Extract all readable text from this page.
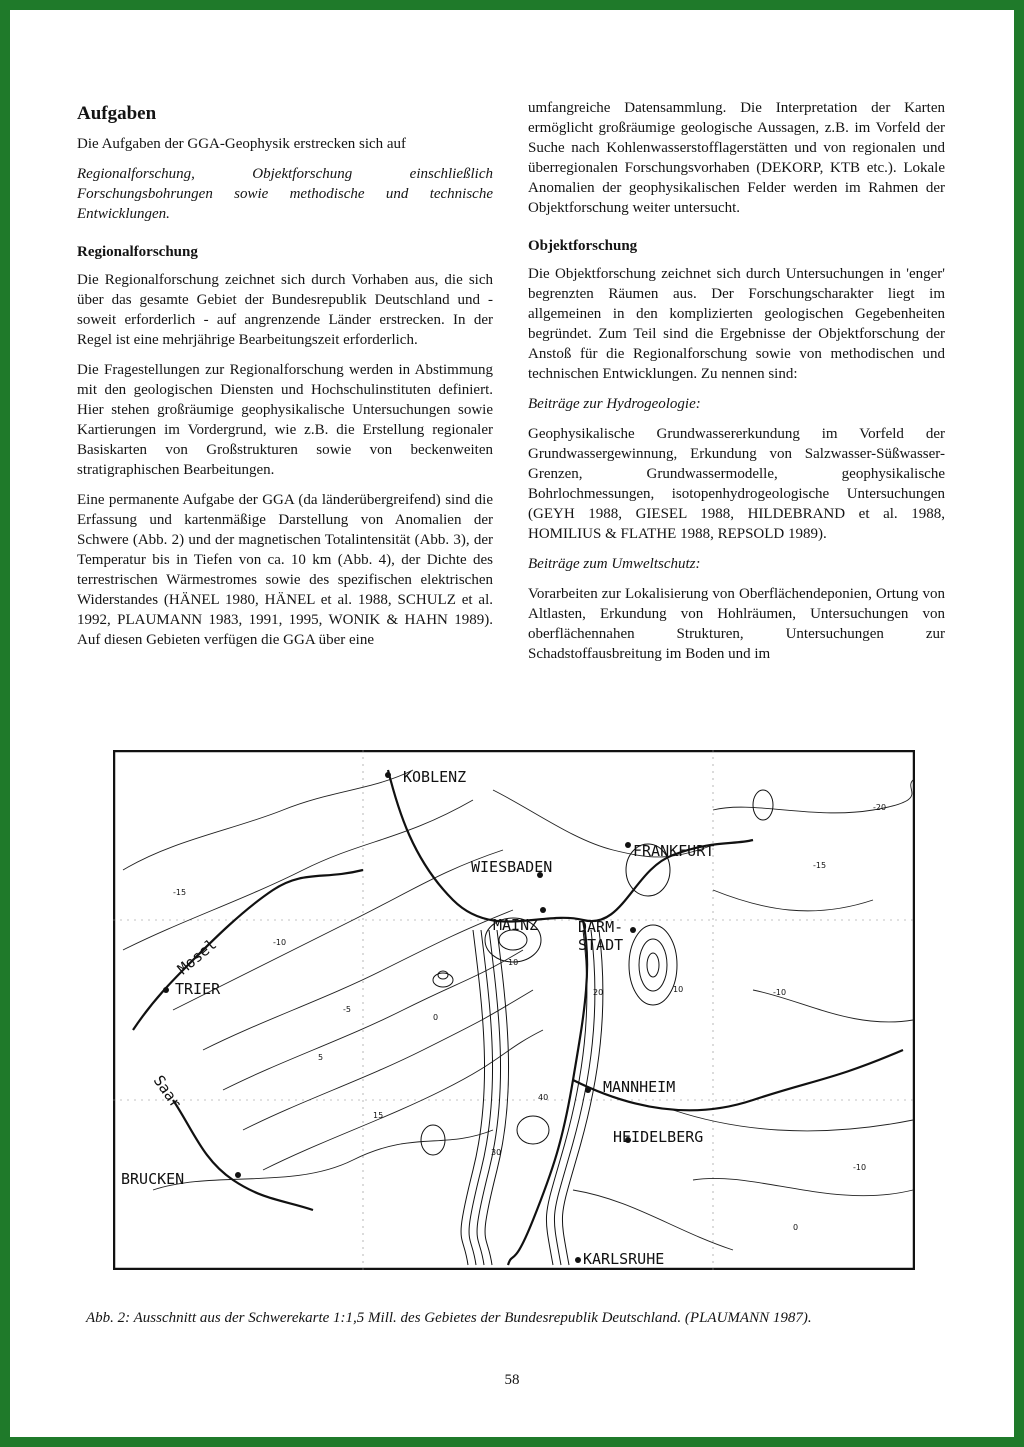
Aufgaben

Die Aufgaben der GGA-Geophysik erstrecken sich auf

Regionalforschung, Objektforschung einschließlich Forschungsbohrungen sowie methodische und technische Entwicklungen.

Regionalforschung

Die Regionalforschung zeichnet sich durch Vorhaben aus, die sich über das gesamte Gebiet der Bundesrepublik Deutschland und - soweit erforderlich - auf angrenzende Länder erstrecken. In der Regel ist eine mehrjährige Bearbeitungszeit erforderlich.

Die Fragestellungen zur Regionalforschung werden in Abstimmung mit den geologischen Diensten und Hochschulinstituten definiert. Hier stehen großräumige geophysikalische Untersuchungen sowie Kartierungen im Vordergrund, wie z.B. die Erstellung regionaler Basiskarten von Großstrukturen sowie von beckenweiten stratigraphischen Bearbeitungen.

Eine permanente Aufgabe der GGA (da länderübergreifend) sind die Erfassung und kartenmäßige Darstellung von Anomalien der Schwere (Abb. 2) und der magnetischen Totalintensität (Abb. 3), der Temperatur bis in Tiefen von ca. 10 km (Abb. 4), der Dichte des terrestrischen Wärmestromes sowie des spezifischen elektrischen Widerstandes (HÄNEL 1980, HÄNEL et al. 1988, SCHULZ et al. 1992, PLAUMANN 1983, 1991, 1995, WONIK & HAHN 1989). Auf diesen Gebieten verfügen die GGA über eine

umfangreiche Datensammlung. Die Interpretation der Karten ermöglicht großräumige geologische Aussagen, z.B. im Vorfeld der Suche nach Kohlenwasserstofflagerstätten und von regionalen und überregionalen Forschungsvorhaben (DEKORP, KTB etc.). Lokale Anomalien der geophysikalischen Felder werden im Rahmen der Objektforschung weiter untersucht.

Objektforschung

Die Objektforschung zeichnet sich durch Untersuchungen in 'enger' begrenzten Räumen aus. Der Forschungscharakter liegt im allgemeinen in den komplizierten geologischen Gegebenheiten begründet. Zum Teil sind die Ergebnisse der Objektforschung der Anstoß für die Regionalforschung sowie von methodischen und technischen Entwicklungen. Zu nennen sind:

Beiträge zur Hydrogeologie:

Geophysikalische Grundwassererkundung im Vorfeld der Grundwassergewinnung, Erkundung von Salzwasser-Süßwasser-Grenzen, Grundwassermodelle, geophysikalische Bohrlochmessungen, isotopenhydrogeologische Untersuchungen (GEYH 1988, GIESEL 1988, HILDEBRAND et al. 1988, HOMILIUS & FLATHE 1988, REPSOLD 1989).

Beiträge zum Umweltschutz:

Vorarbeiten zur Lokalisierung von Oberflächendeponien, Ortung von Altlasten, Erkundung von Hohlräumen, Untersuchungen von oberflächennahen Strukturen, Untersuchungen zur Schadstoffausbreitung im Boden und im

KOBLENZ
FRANKFURT
WIESBADEN
MAINZ	DARM-
STADT
TRIER
MANNHEIM
HEIDELBERG
BRUCKEN
KARLSRUHE
Mosel
Saar
-15
-10
-5
0
5
10
15
20
30
40
-20
-15
10
-10
0
-10
Abb. 2: Ausschnitt aus der Schwerekarte 1:1,5 Mill. des Gebietes der Bundesrepublik Deutschland. (PLAUMANN 1987).
58
